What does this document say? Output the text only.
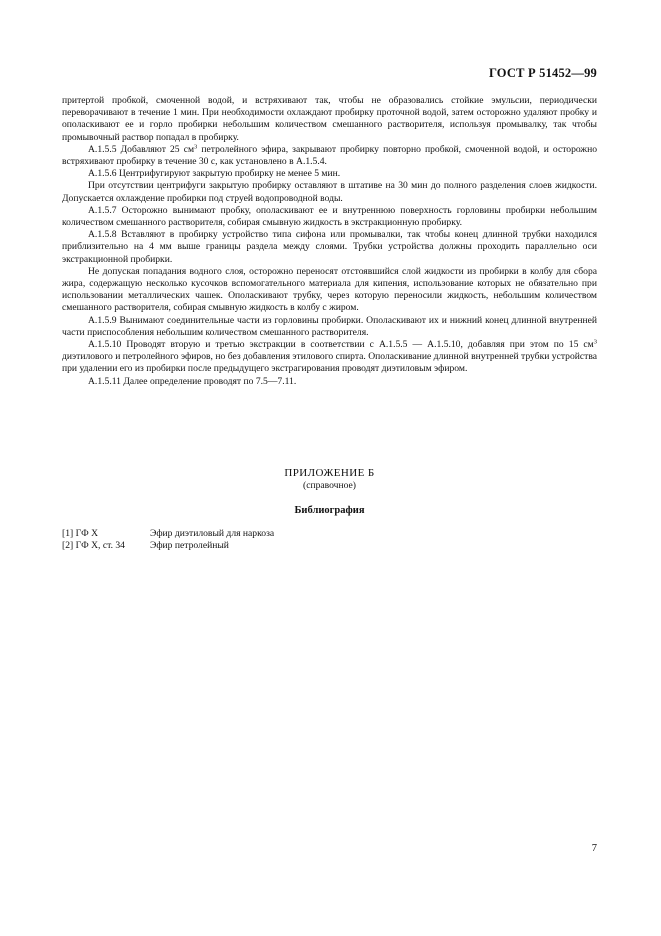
ГОСТ Р 51452—99

притертой пробкой, смоченной водой, и встряхивают так, чтобы не образовались стойкие эмульсии, периодически переворачивают в течение 1 мин. При необходимости охлаждают пробирку проточной водой, затем осторожно удаляют пробку и ополаскивают ее и горло пробирки небольшим количеством смешанного растворителя, используя промывалку, так чтобы промывочный раствор попадал в пробирку.

А.1.5.5 Добавляют 25 $см^3$ петролейного эфира, закрывают пробирку повторно пробкой, смоченной водой, и осторожно встряхивают пробирку в течение 30 с, как установлено в А.1.5.4.

А.1.5.6 Центрифугируют закрытую пробирку не менее 5 мин.

При отсутствии центрифуги закрытую пробирку оставляют в штативе на 30 мин до полного разделения слоев жидкости. Допускается охлаждение пробирки под струей водопроводной воды.

А.1.5.7 Осторожно вынимают пробку, ополаскивают ее и внутреннюю поверхность горловины пробирки небольшим количеством смешанного растворителя, собирая смывную жидкость в экстракционную пробирку.

А.1.5.8 Вставляют в пробирку устройство типа сифона или промывалки, так чтобы конец длинной трубки находился приблизительно на 4 мм выше границы раздела между слоями. Трубки устройства должны проходить параллельно оси экстракционной пробирки.

Не допуская попадания водного слоя, осторожно переносят отстоявшийся слой жидкости из пробирки в колбу для сбора жира, содержащую несколько кусочков вспомогательного материала для кипения, использование которых не обязательно при использовании металлических чашек. Ополаскивают трубку, через которую переносили жидкость, небольшим количеством смешанного растворителя, собирая смывную жидкость в колбу с жиром.

А.1.5.9 Вынимают соединительные части из горловины пробирки. Ополаскивают их и нижний конец длинной внутренней части приспособления небольшим количеством смешанного растворителя.

А.1.5.10 Проводят вторую и третью экстракции в соответствии с А.1.5.5 — А.1.5.10, добавляя при этом по 15 $см^3$ диэтилового и петролейного эфиров, но без добавления этилового спирта. Ополаскивание длинной внутренней трубки устройства при удалении его из пробирки после предыдущего экстрагирования проводят диэтиловым эфиром.

А.1.5.11 Далее определение проводят по 7.5—7.11.

ПРИЛОЖЕНИЕ Б
(справочное)
Библиография
[1] ГФ Х	Эфир диэтиловый для наркоза
[2] ГФ Х, ст. 34	Эфир петролейный
7
